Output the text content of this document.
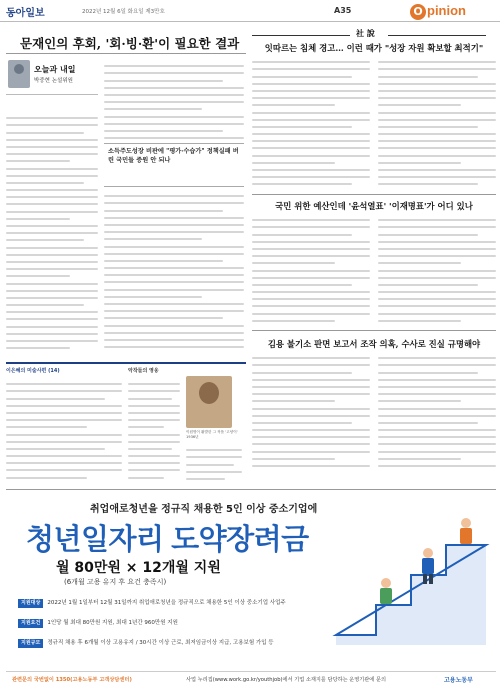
동아일보	2022년 12월 6일 화요일 제3만호	A35	O pinion
문재인의 후회, '회·빙·환'이 필요한 결과
오늘과 내일
박중현 논설위원
소득주도성장 비판에 "평가·수습가" 정책실패 버린 국민들 증원 안 되나
이은혜의 미술사편 (14)	악작들의 영웅
이원명이 활발한 그 작품 '고양이' 1936년
社 說
잇따르는 침체 경고… 이런 때가 "성장 자원 확보할 최적기"
국민 위한 예산인데 '윤석열표' '이재명표'가 어디 있나
김용 불기소 판면 보고서 조작 의혹, 수사로 진실 규명해야
취업애로청년을 정규직 채용한 5인 이상 중소기업에
청년일자리 도약장려금
월 80만원 × 12개월 지원
(6개월 고용 유지 후 요건 충족시)
지원대상 2022년 1월 1일부터 12월 31일까지 취업애로청년을 정규직으로 채용한 5인 이상 중소기업 사업주
지원요건 1인당 월 최대 80만원 지원, 최대 1년간 960만원 지원
지원규모 정규직 채용 후 6개월 이상 고용유지 / 30시간 이상 근로, 최저임금이상 지급, 고용보험 가입 등
관련문의 국번없이 1350(고용노동부 고객상담센터)	사업 누리집(www.work.go.kr/youthjob)에서 기업 소재지를 담당하는 운영기관에 문의	고용노동부
